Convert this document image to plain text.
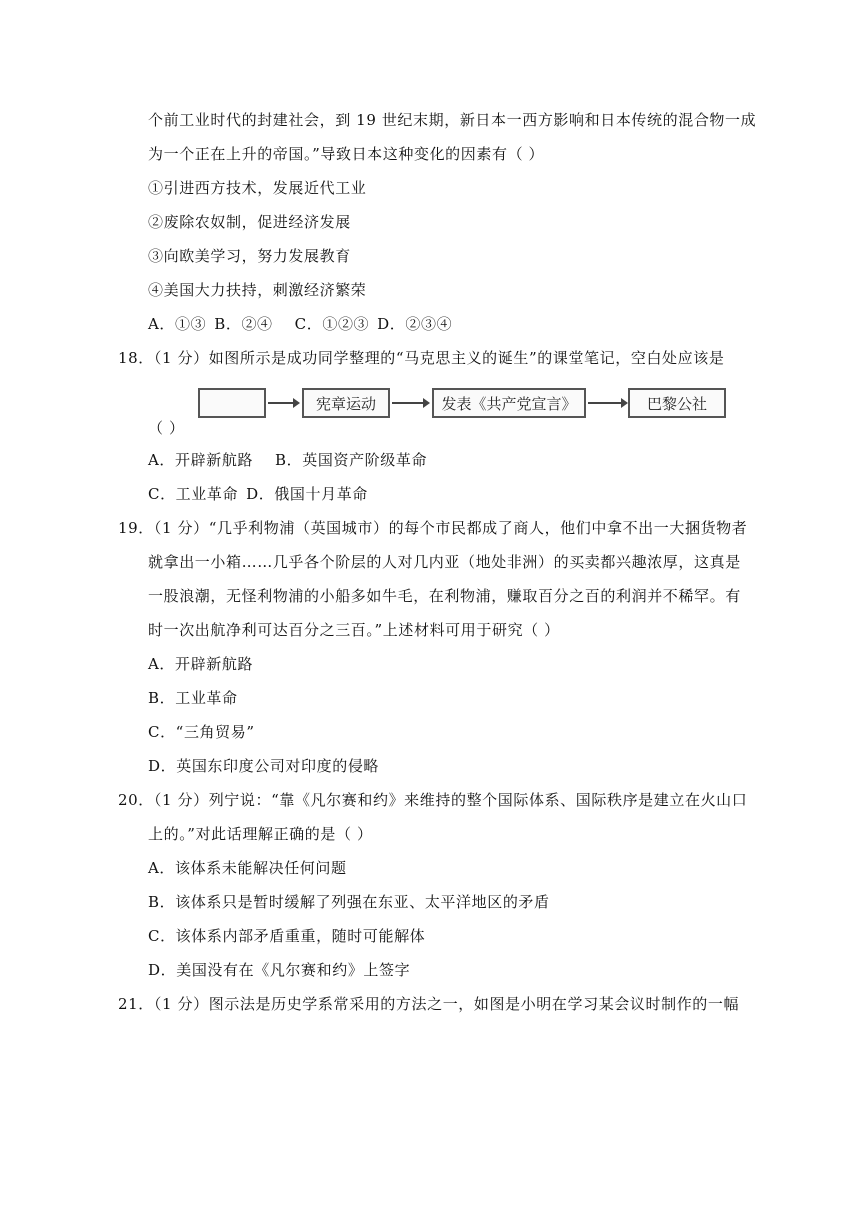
个前工业时代的封建社会，到 19 世纪末期，新日本一西方影响和日本传统的混合物一成
为一个正在上升的帝国。”导致日本这种变化的因素有（ ）
①引进西方技术，发展近代工业
②废除农奴制，促进经济发展
③向欧美学习，努力发展教育
④美国大力扶持，刺激经济繁荣
A．①③ B．②④ C．①②③ D．②③④
18．（1 分）如图所示是成功同学整理的“马克思主义的诞生”的课堂笔记，空白处应该是
宪章运动	发表《共产党宣言》	巴黎公社
（ ）
A．开辟新航路 B．英国资产阶级革命
C．工业革命 D．俄国十月革命
19．（1 分）“几乎利物浦（英国城市）的每个市民都成了商人，他们中拿不出一大捆货物者
就拿出一小箱……几乎各个阶层的人对几内亚（地处非洲）的买卖都兴趣浓厚，这真是
一股浪潮，无怪利物浦的小船多如牛毛，在利物浦，赚取百分之百的利润并不稀罕。有
时一次出航净利可达百分之三百。”上述材料可用于研究（ ）
A．开辟新航路
B．工业革命
C．“三角贸易”
D．英国东印度公司对印度的侵略
20．（1 分）列宁说：“靠《凡尔赛和约》来维持的整个国际体系、国际秩序是建立在火山口
上的。”对此话理解正确的是（ ）
A．该体系未能解决任何问题
B．该体系只是暂时缓解了列强在东亚、太平洋地区的矛盾
C．该体系内部矛盾重重，随时可能解体
D．美国没有在《凡尔赛和约》上签字
21．（1 分）图示法是历史学系常采用的方法之一，如图是小明在学习某会议时制作的一幅
